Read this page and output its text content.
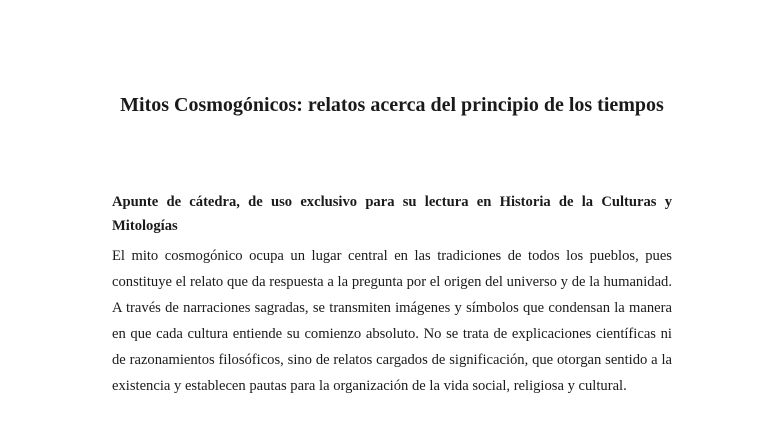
Mitos Cosmogónicos: relatos acerca del principio de los tiempos

Apunte de cátedra, de uso exclusivo para su lectura en Historia de la Culturas y Mitologías

El mito cosmogónico ocupa un lugar central en las tradiciones de todos los pueblos, pues constituye el relato que da respuesta a la pregunta por el origen del universo y de la humanidad. A través de narraciones sagradas, se transmiten imágenes y símbolos que condensan la manera en que cada cultura entiende su comienzo absoluto. No se trata de explicaciones científicas ni de razonamientos filosóficos, sino de relatos cargados de significación, que otorgan sentido a la existencia y establecen pautas para la organización de la vida social, religiosa y cultural.
